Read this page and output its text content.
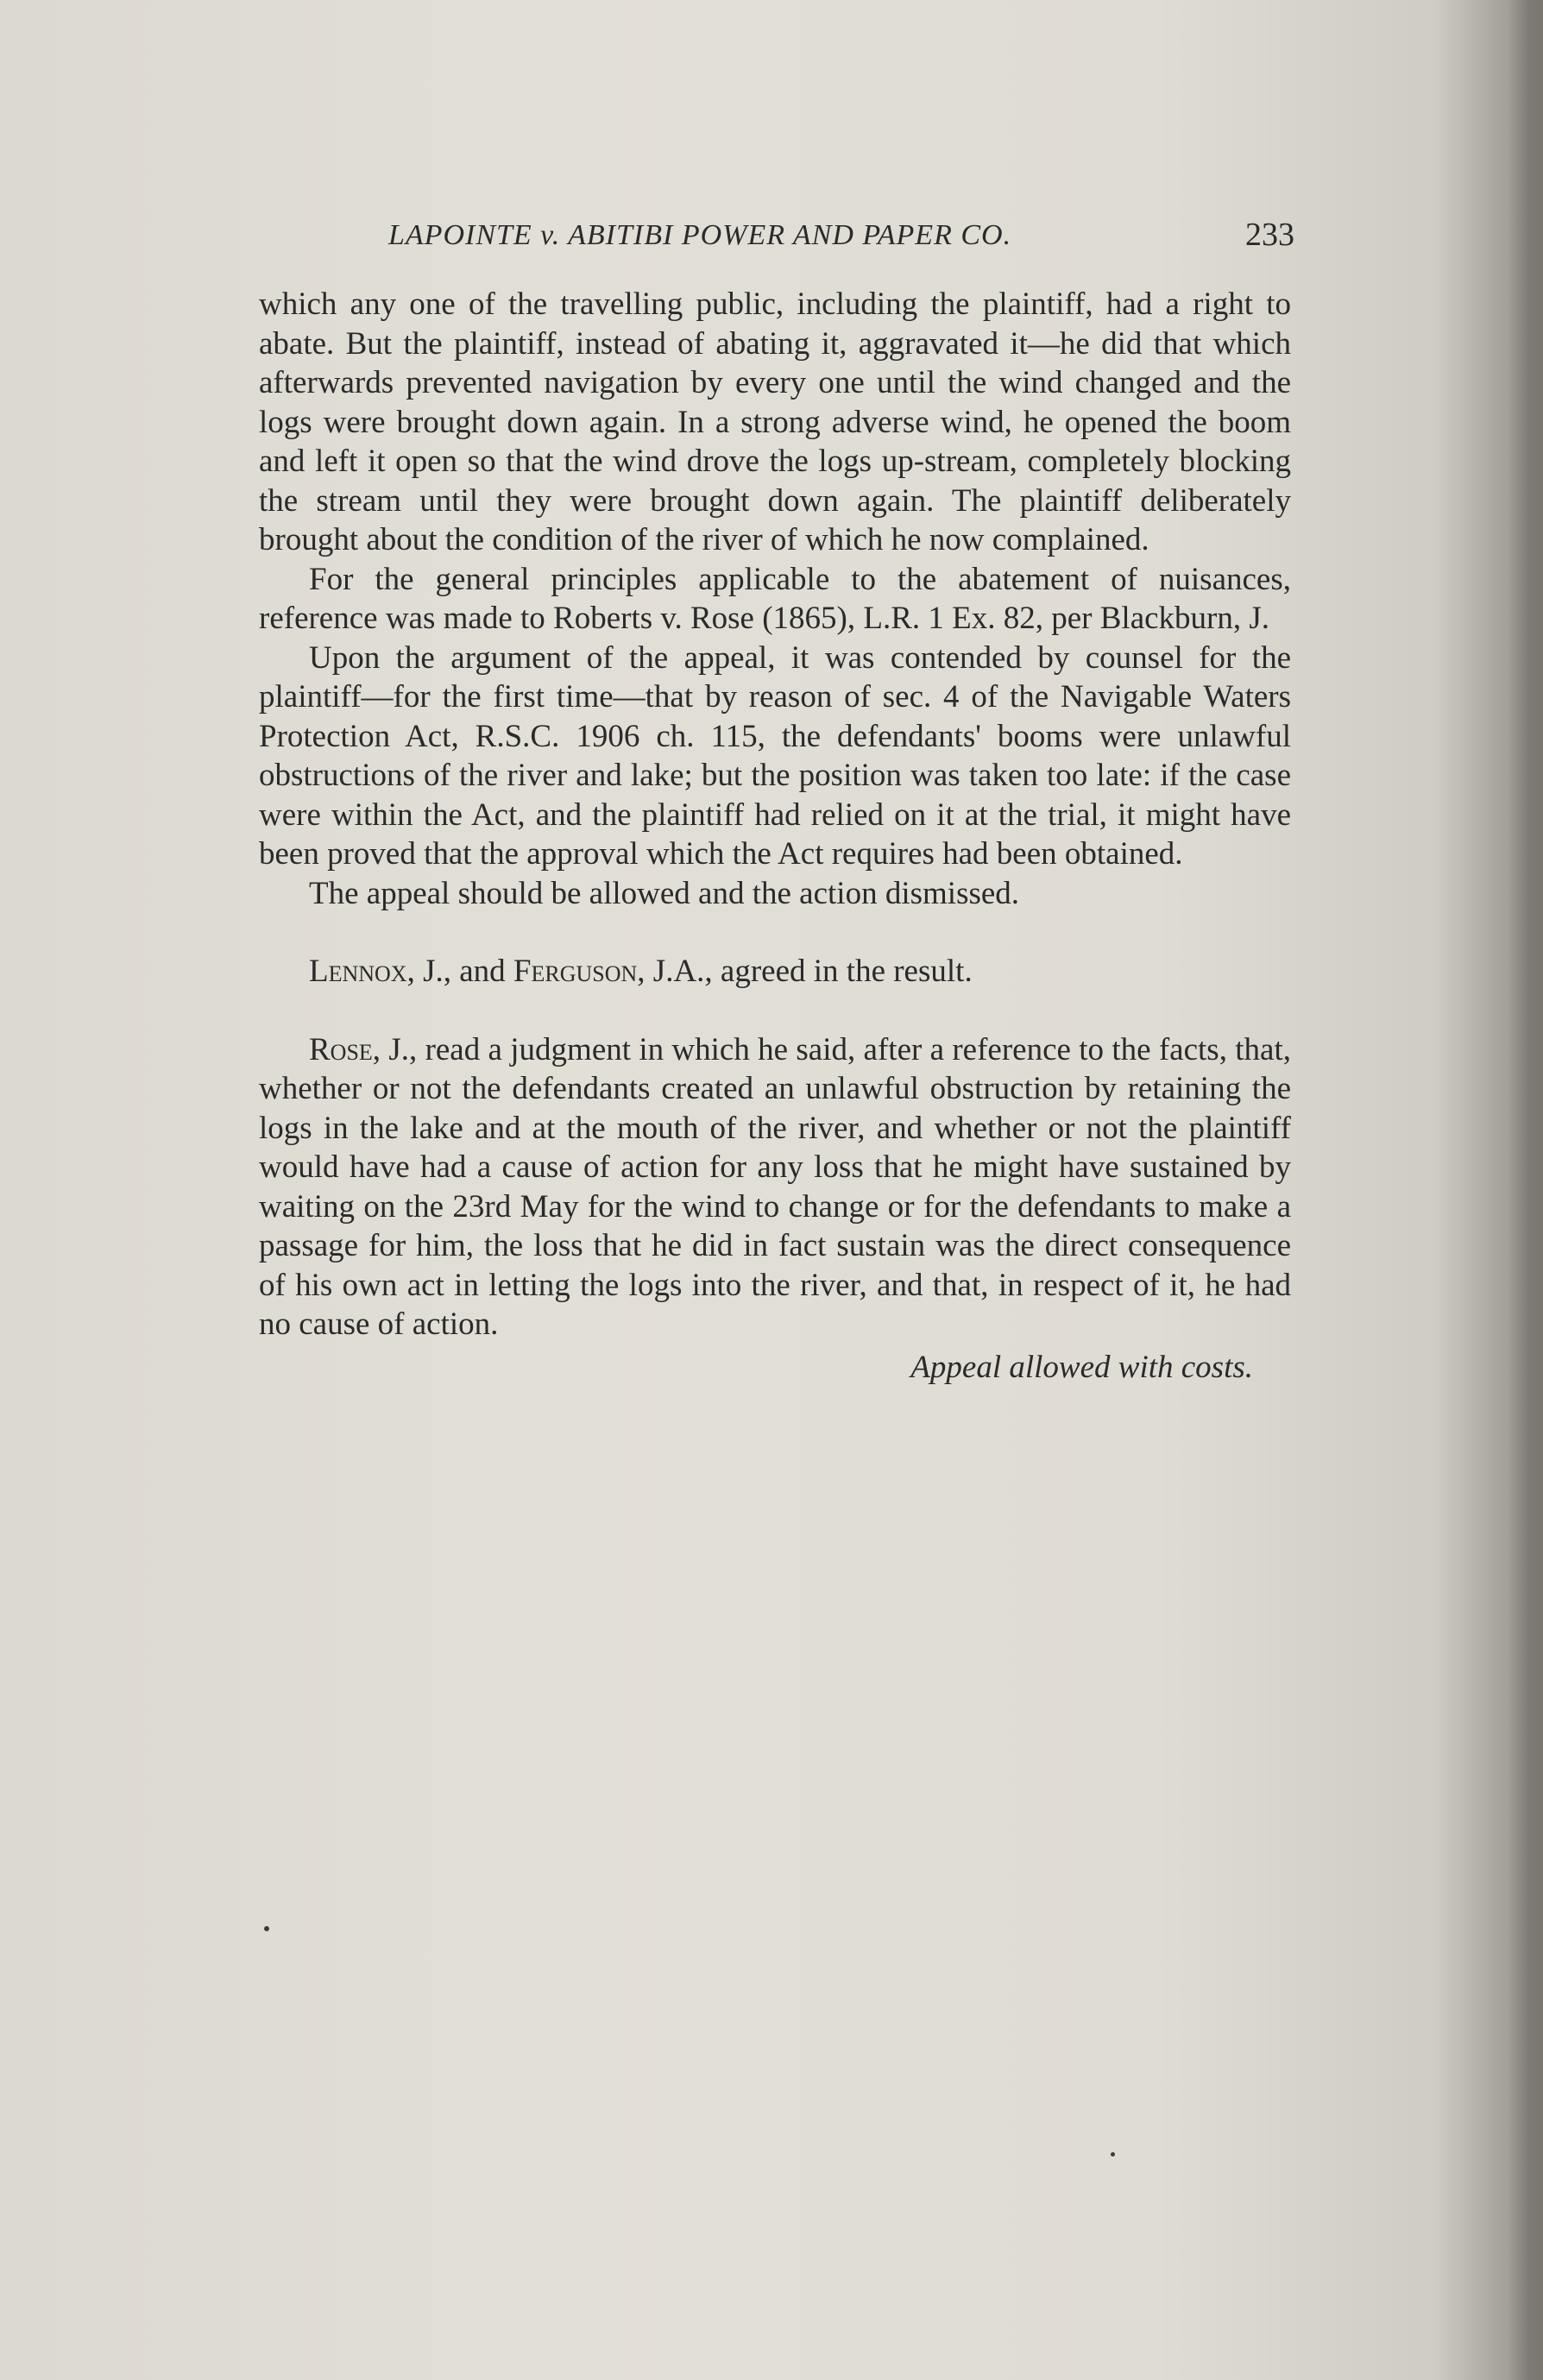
LAPOINTE v. ABITIBI POWER AND PAPER CO.	233

which any one of the travelling public, including the plaintiff, had a right to abate. But the plaintiff, instead of abating it, aggravated it—he did that which afterwards prevented navigation by every one until the wind changed and the logs were brought down again. In a strong adverse wind, he opened the boom and left it open so that the wind drove the logs up-stream, completely blocking the stream until they were brought down again. The plaintiff deliberately brought about the condition of the river of which he now complained.

For the general principles applicable to the abatement of nuisances, reference was made to Roberts v. Rose (1865), L.R. 1 Ex. 82, per Blackburn, J.

Upon the argument of the appeal, it was contended by counsel for the plaintiff—for the first time—that by reason of sec. 4 of the Navigable Waters Protection Act, R.S.C. 1906 ch. 115, the defendants' booms were unlawful obstructions of the river and lake; but the position was taken too late: if the case were within the Act, and the plaintiff had relied on it at the trial, it might have been proved that the approval which the Act requires had been obtained.

The appeal should be allowed and the action dismissed.

Lennox, J., and Ferguson, J.A., agreed in the result.

Rose, J., read a judgment in which he said, after a reference to the facts, that, whether or not the defendants created an unlawful obstruction by retaining the logs in the lake and at the mouth of the river, and whether or not the plaintiff would have had a cause of action for any loss that he might have sustained by waiting on the 23rd May for the wind to change or for the defendants to make a passage for him, the loss that he did in fact sustain was the direct consequence of his own act in letting the logs into the river, and that, in respect of it, he had no cause of action.

Appeal allowed with costs.
